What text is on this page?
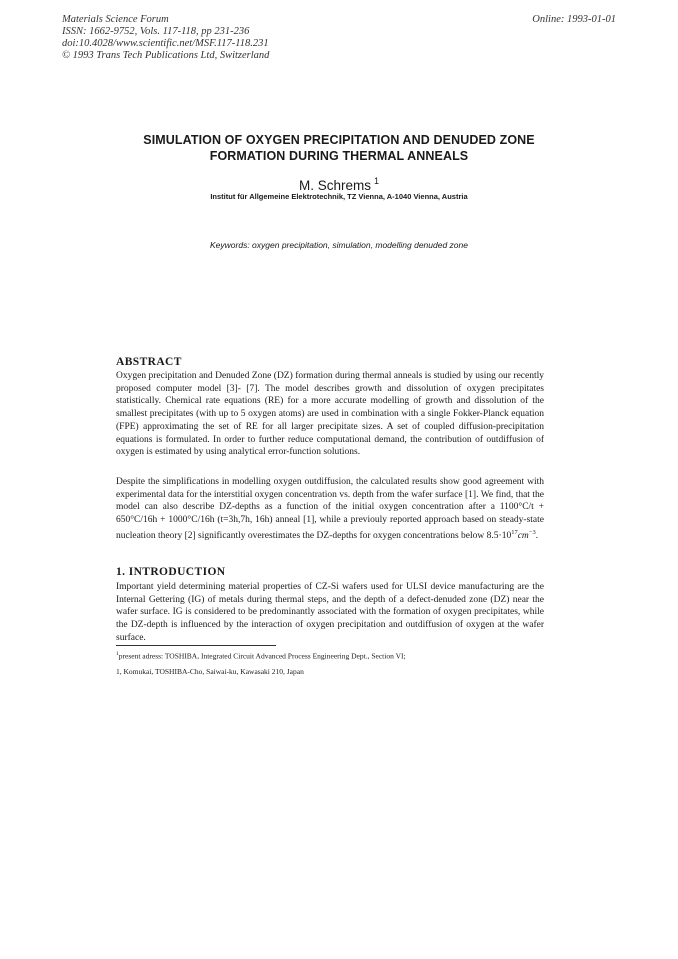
Materials Science Forum
ISSN: 1662-9752, Vols. 117-118, pp 231-236
doi:10.4028/www.scientific.net/MSF.117-118.231
© 1993 Trans Tech Publications Ltd, Switzerland
Online: 1993-01-01
SIMULATION OF OXYGEN PRECIPITATION AND DENUDED ZONE
FORMATION DURING THERMAL ANNEALS
M. Schrems $^1$
Institut für Allgemeine Elektrotechnik, TZ Vienna, A-1040 Vienna, Austria
Keywords: oxygen precipitation, simulation, modelling denuded zone
ABSTRACT

Oxygen precipitation and Denuded Zone (DZ) formation during thermal anneals is studied by using our recently proposed computer model [3]- [7]. The model describes growth and dissolution of oxygen precipitates statistically. Chemical rate equations (RE) for a more accurate modelling of growth and dissolution of the smallest precipitates (with up to 5 oxygen atoms) are used in combination with a single Fokker-Planck equation (FPE) approximating the set of RE for all larger precipitate sizes. A set of coupled diffusion-precipitation equations is formulated. In order to further reduce computational demand, the contribution of outdiffusion of oxygen is estimated by using analytical error-function solutions.

Despite the simplifications in modelling oxygen outdiffusion, the calculated results show good agreement with experimental data for the interstitial oxygen concentration vs. depth from the wafer surface [1]. We find, that the model can also describe DZ-depths as a function of the initial oxygen concentration after a 1100°C/t + 650°C/16h + 1000°C/16h (t=3h,7h, 16h) anneal [1], while a previouly reported approach based on steady-state nucleation theory [2] significantly overestimates the DZ-depths for oxygen concentrations below $8.5\cdot 10^{17}cm^{-3}$.

1. INTRODUCTION

Important yield determining material properties of CZ-Si wafers used for ULSI device manufacturing are the Internal Gettering (IG) of metals during thermal steps, and the depth of a defect-denuded zone (DZ) near the wafer surface. IG is considered to be predominantly associated with the formation of oxygen precipitates, while the DZ-depth is influenced by the interaction of oxygen precipitation and outdiffusion of oxygen at the wafer surface.

$^1$present adress: TOSHIBA, Integrated Circuit Advanced Process Engineering Dept., Section VI;
1, Komukai, TOSHIBA-Cho, Saiwai-ku, Kawasaki 210, Japan
